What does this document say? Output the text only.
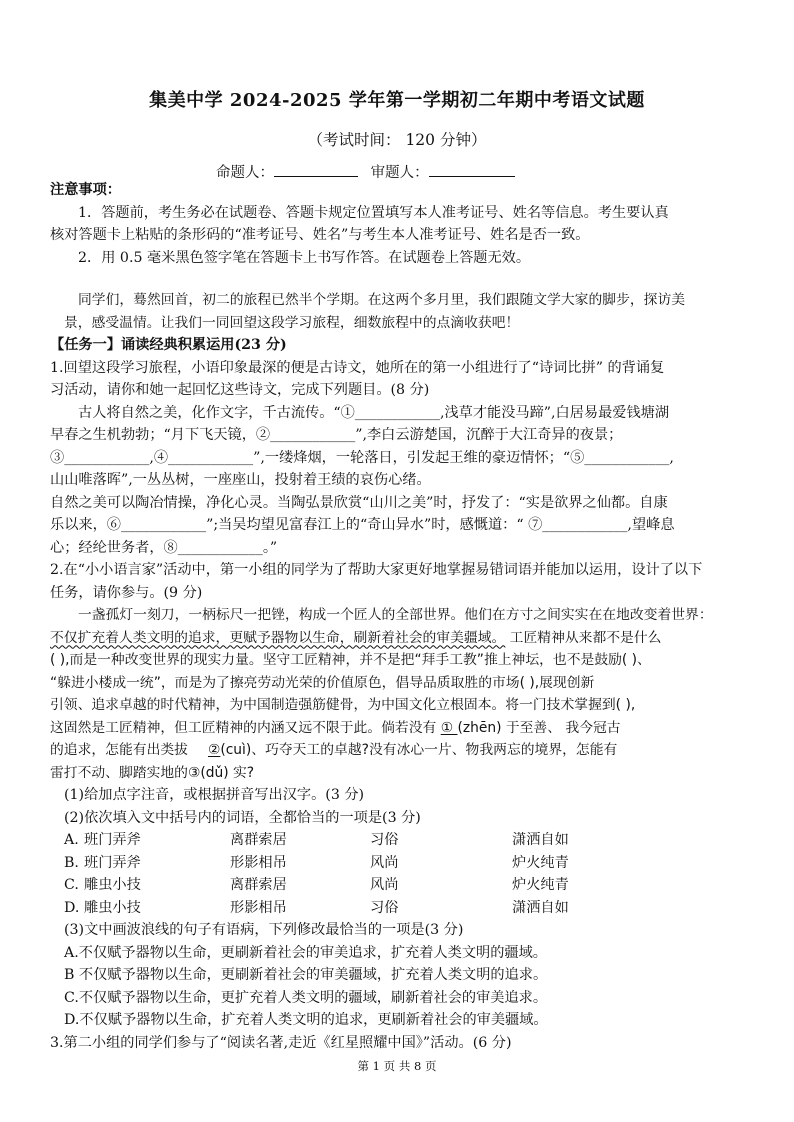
集美中学 2024-2025 学年第一学期初二年期中考语文试题
（考试时间： 120 分钟）
命题人：	审题人：
注意事项：
1．答题前，考生务必在试题卷、答题卡规定位置填写本人准考证号、姓名等信息。考生要认真
核对答题卡上粘贴的条形码的“准考证号、姓名”与考生本人准考证号、姓名是否一致。
2．用 0.5 毫米黑色签字笔在答题卡上书写作答。在试题卷上答题无效。
同学们，蓦然回首，初二的旅程已然半个学期。在这两个多月里，我们跟随文学大家的脚步，探访美
景，感受温情。让我们一同回望这段学习旅程，细数旅程中的点滴收获吧！
【任务一】诵读经典积累运用(23 分)
1.回望这段学习旅程，小语印象最深的便是古诗文，她所在的第一小组进行了“诗词比拼” 的背诵复
习活动，请你和她一起回忆这些诗文，完成下列题目。(8 分)
古人将自然之美，化作文字，千古流传。“①____________,浅草才能没马蹄”,白居易最爱钱塘湖
早春之生机勃勃；“月下飞天镜，②____________”,李白云游楚国，沉醉于大江奇异的夜景；
③____________,④____________”,一缕烽烟，一轮落日，引发起王维的豪迈情怀；“⑤____________,
山山唯落晖”,一丛丛树，一座座山，投射着王绩的哀伤心绪。
自然之美可以陶冶情操，净化心灵。当陶弘景欣赏“山川之美”时，抒发了：“实是欲界之仙都。自康
乐以来，⑥____________”;当吴均望见富春江上的“奇山异水”时，感慨道：“ ⑦____________,望峰息
心；经纶世务者，⑧____________。”
2.在“小小语言家”活动中，第一小组的同学为了帮助大家更好地掌握易错词语并能加以运用，设计了以下
任务，请你参与。(9 分)
一盏孤灯一刻刀，一柄标尺一把锉，构成一个匠人的全部世界。他们在方寸之间实实在在地改变着世界：
不仅扩充着人类文明的追求，更赋予器物以生命，刷新着社会的审美疆域。 工匠精神从来都不是什么
( ),而是一种改变世界的现实力量。坚守工匠精神，并不是把“拜手工教”推上神坛，也不是鼓励( )、
“躲进小楼成一统”，而是为了擦亮劳动光荣的价值原色，倡导品质取胜的市场( ),展现创新
引领、追求卓越的时代精神，为中国制造强筋健骨，为中国文化立根固本。将一门技术掌握到( ),
这固然是工匠精神，但工匠精神的内涵又远不限于此。倘若没有 ① (zhēn) 于至善、 我今冠古
的追求，怎能有出类拔 ②(cuì)、巧夺天工的卓越?没有冰心一片、物我两忘的境界，怎能有
雷打不动、脚踏实地的③(dǔ) 实?
(1)给加点字注音，或根据拼音写出汉字。(3 分)
(2)依次填入文中括号内的词语，全都恰当的一项是(3 分)
A. 班门弄斧	离群索居	习俗	潇洒自如
B. 班门弄斧	形影相吊	风尚	炉火纯青
C. 雕虫小技	离群索居	风尚	炉火纯青
D. 雕虫小技	形影相吊	习俗	潇洒自如
(3)文中画波浪线的句子有语病，下列修改最恰当的一项是(3 分)
A.不仅赋予器物以生命，更刷新着社会的审美追求，扩充着人类文明的疆域。
B 不仅赋予器物以生命，更刷新着社会的审美疆域，扩充着人类文明的追求。
C.不仅赋予器物以生命，更扩充着人类文明的疆域，刷新着社会的审美追求。
D.不仅赋予器物以生命，扩充着人类文明的追求，更刷新着社会的审美疆域。
3.第二小组的同学们参与了“阅读名著,走近《红星照耀中国》”活动。(6 分)
第 1 页 共 8 页
